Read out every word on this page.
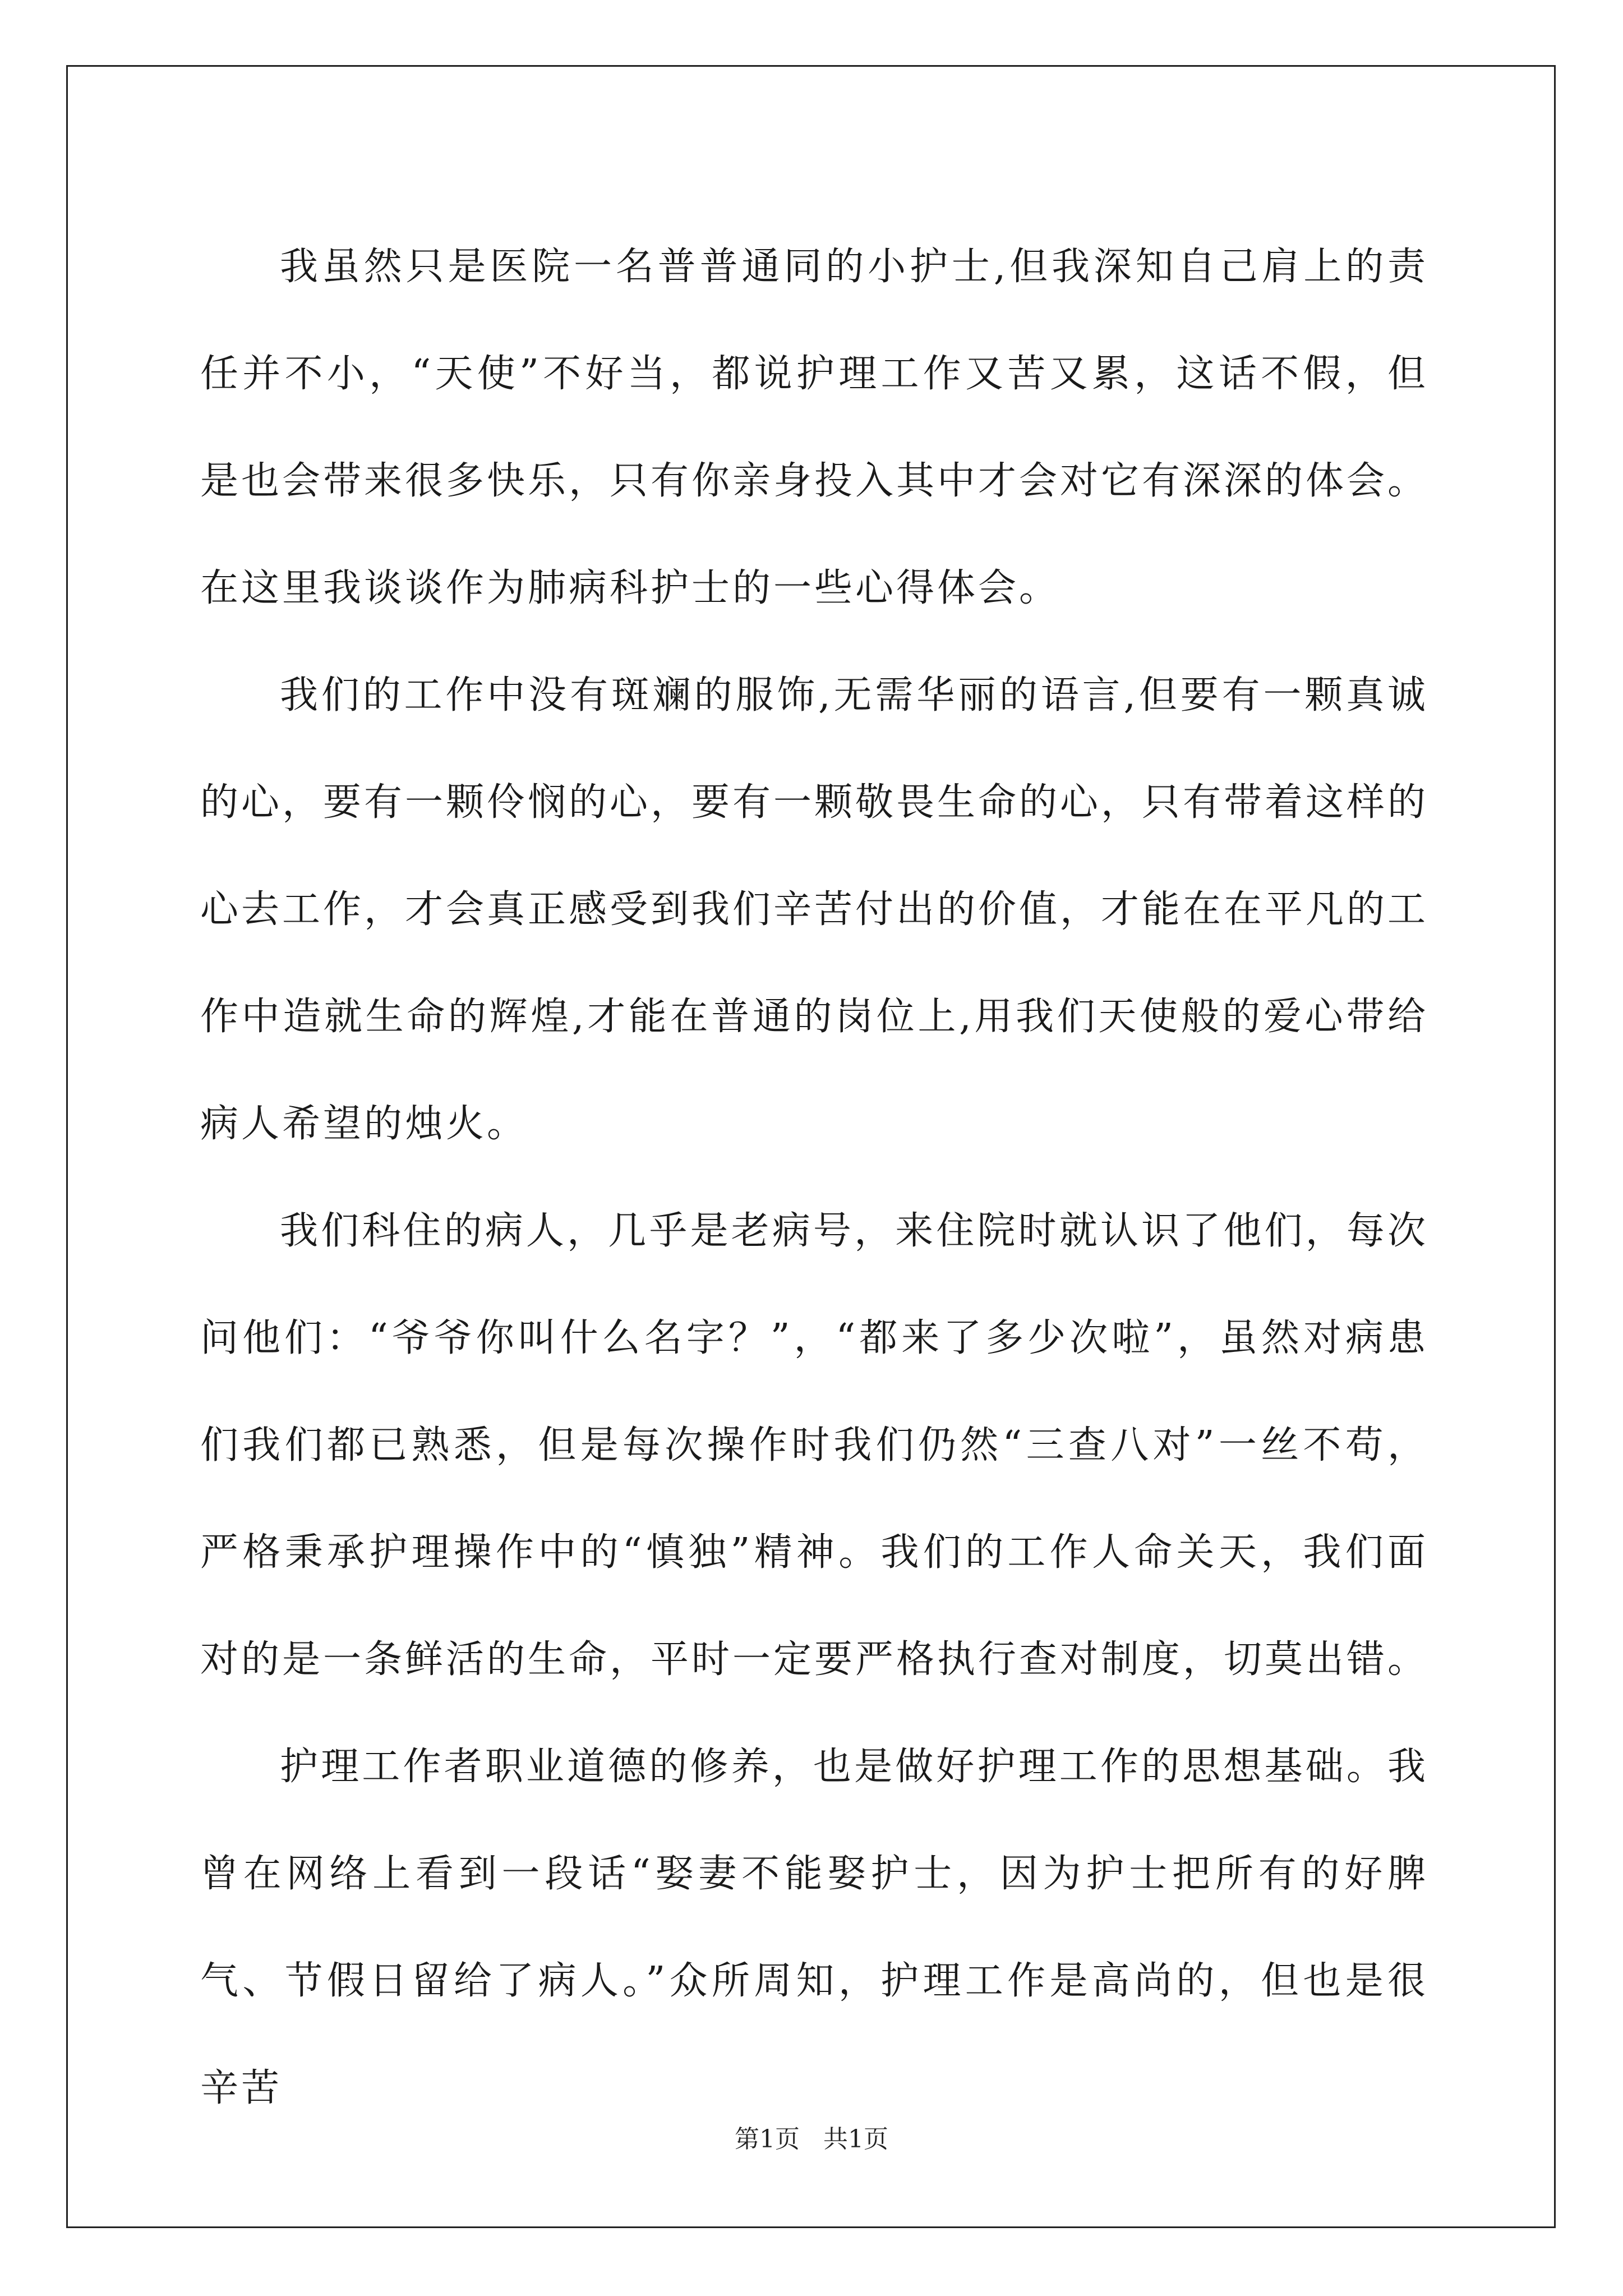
我虽然只是医院一名普普通同的小护士,但我深知自己肩上的责任并不小，“天使”不好当，都说护理工作又苦又累，这话不假，但是也会带来很多快乐，只有你亲身投入其中才会对它有深深的体会。在这里我谈谈作为肺病科护士的一些心得体会。

我们的工作中没有斑斓的服饰,无需华丽的语言,但要有一颗真诚的心，要有一颗伶悯的心，要有一颗敬畏生命的心，只有带着这样的心去工作，才会真正感受到我们辛苦付出的价值，才能在在平凡的工作中造就生命的辉煌,才能在普通的岗位上,用我们天使般的爱心带给病人希望的烛火。

我们科住的病人，几乎是老病号，来住院时就认识了他们，每次问他们：“爷爷你叫什么名字？”，“都来了多少次啦”，虽然对病患们我们都已熟悉，但是每次操作时我们仍然“三查八对”一丝不苟，严格秉承护理操作中的“慎独”精神。我们的工作人命关天，我们面对的是一条鲜活的生命，平时一定要严格执行查对制度，切莫出错。

护理工作者职业道德的修养，也是做好护理工作的思想基础。我曾在网络上看到一段话“娶妻不能娶护士，因为护士把所有的好脾气、节假日留给了病人。”众所周知，护理工作是高尚的，但也是很辛苦

第1页   共1页
